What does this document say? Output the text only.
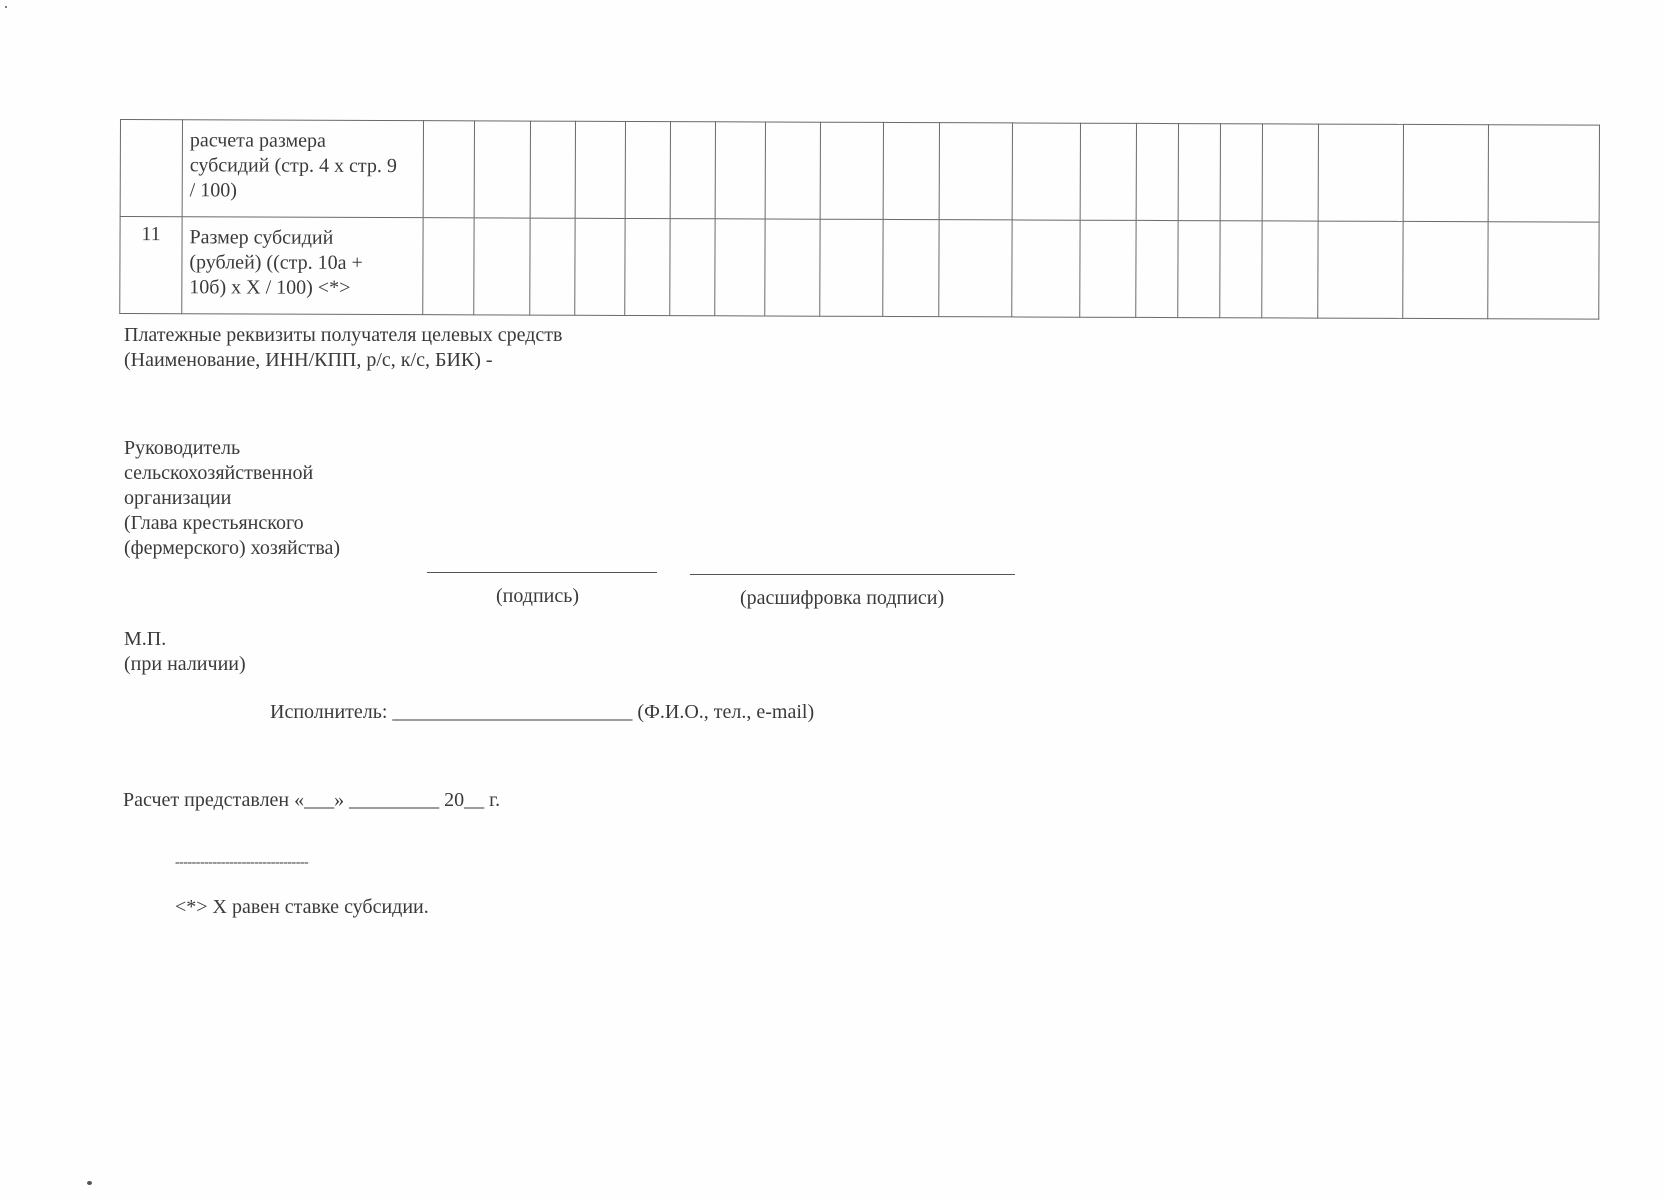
	расчета размера
субсидий (стр. 4 х стр. 9
/ 100)																				

11	Размер субсидий
(рублей) ((стр. 10а +
10б) х Х / 100) <*>																				

Платежные реквизиты получателя целевых средств
(Наименование, ИНН/КПП, р/с, к/с, БИК) -
Руководитель
сельскохозяйственной
организации
(Глава крестьянского
(фермерского) хозяйства)
(подпись)	(расшифровка подписи)
М.П.
(при наличии)
Исполнитель: ________________________ (Ф.И.О., тел., e-mail)
Расчет представлен «___» _________ 20__ г.
--------------------------------
<*> Х равен ставке субсидии.
